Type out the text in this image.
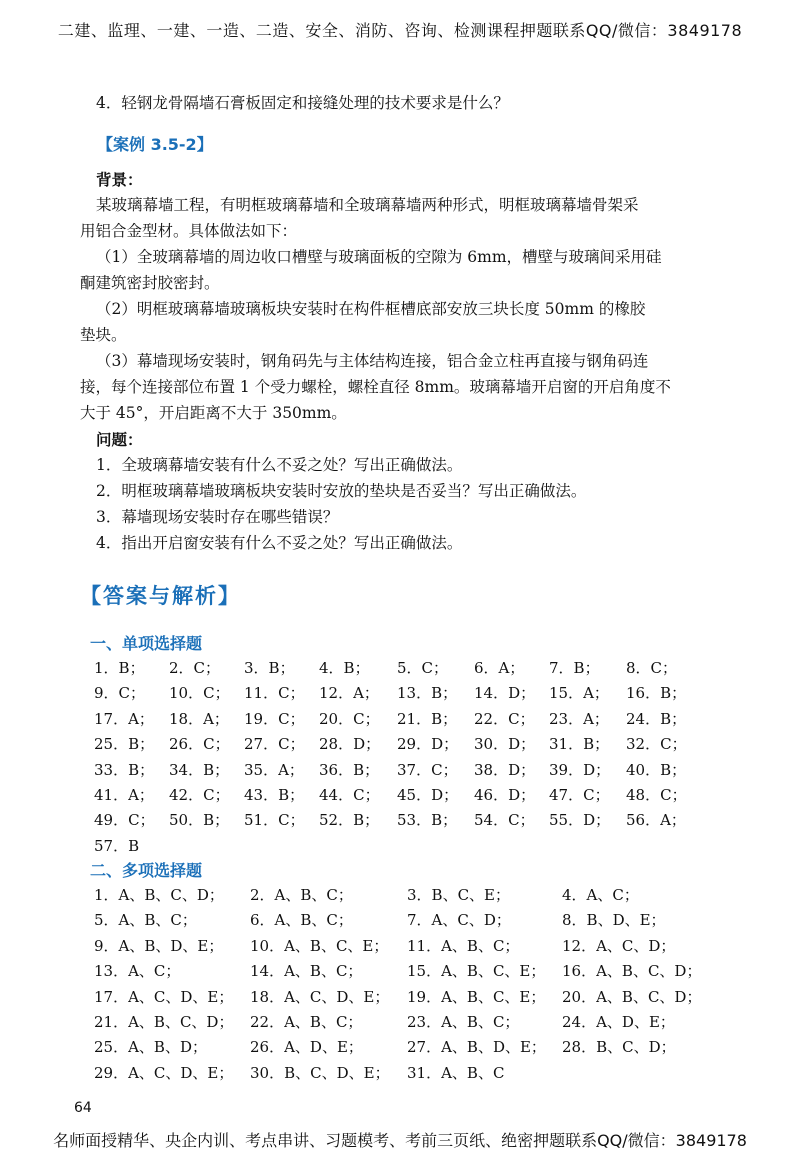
二建、监理、一建、一造、二造、安全、消防、咨询、检测课程押题联系QQ/微信：3849178
4．轻钢龙骨隔墙石膏板固定和接缝处理的技术要求是什么？
【案例 3.5-2】
背景：
某玻璃幕墙工程，有明框玻璃幕墙和全玻璃幕墙两种形式，明框玻璃幕墙骨架采
用铝合金型材。具体做法如下：
（1）全玻璃幕墙的周边收口槽壁与玻璃面板的空隙为 6mm，槽壁与玻璃间采用硅
酮建筑密封胶密封。
（2）明框玻璃幕墙玻璃板块安装时在构件框槽底部安放三块长度 50mm 的橡胶
垫块。
（3）幕墙现场安装时，钢角码先与主体结构连接，铝合金立柱再直接与钢角码连
接，每个连接部位布置 1 个受力螺栓，螺栓直径 8mm。玻璃幕墙开启窗的开启角度不
大于 45°，开启距离不大于 350mm。
问题：
1．全玻璃幕墙安装有什么不妥之处？写出正确做法。
2．明框玻璃幕墙玻璃板块安装时安放的垫块是否妥当？写出正确做法。
3．幕墙现场安装时存在哪些错误？
4．指出开启窗安装有什么不妥之处？写出正确做法。
【答案与解析】
一、单项选择题
1．B； 2．C； 3．B； 4．B； 5．C； 6．A； 7．B； 8．C；
9．C； 10．C； 11．C； 12．A； 13．B； 14．D； 15．A； 16．B；
17．A； 18．A； 19．C； 20．C； 21．B； 22．C； 23．A； 24．B；
25．B； 26．C； 27．C； 28．D； 29．D； 30．D； 31．B； 32．C；
33．B； 34．B； 35．A； 36．B； 37．C； 38．D； 39．D； 40．B；
41．A； 42．C； 43．B； 44．C； 45．D； 46．D； 47．C； 48．C；
49．C； 50．B； 51．C； 52．B； 53．B； 54．C； 55．D； 56．A；
57．B
二、多项选择题
1．A、B、C、D； 2．A、B、C；	3．B、C、E；	4．A、C；
5．A、B、C；	6．A、B、C；	7．A、C、D；	8．B、D、E；
9．A、B、D、E； 10．A、B、C、E； 11．A、B、C；	12．A、C、D；
13．A、C；	14．A、B、C；	15．A、B、C、E； 16．A、B、C、D；
17．A、C、D、E； 18．A、C、D、E； 19．A、B、C、E； 20．A、B、C、D；
21．A、B、C、D； 22．A、B、C；	23．A、B、C；	24．A、D、E；
25．A、B、D；	26．A、D、E；	27．A、B、D、E； 28．B、C、D；
29．A、C、D、E； 30．B、C、D、E； 31．A、B、C
64
名师面授精华、央企内训、考点串讲、习题模考、考前三页纸、绝密押题联系QQ/微信：3849178
